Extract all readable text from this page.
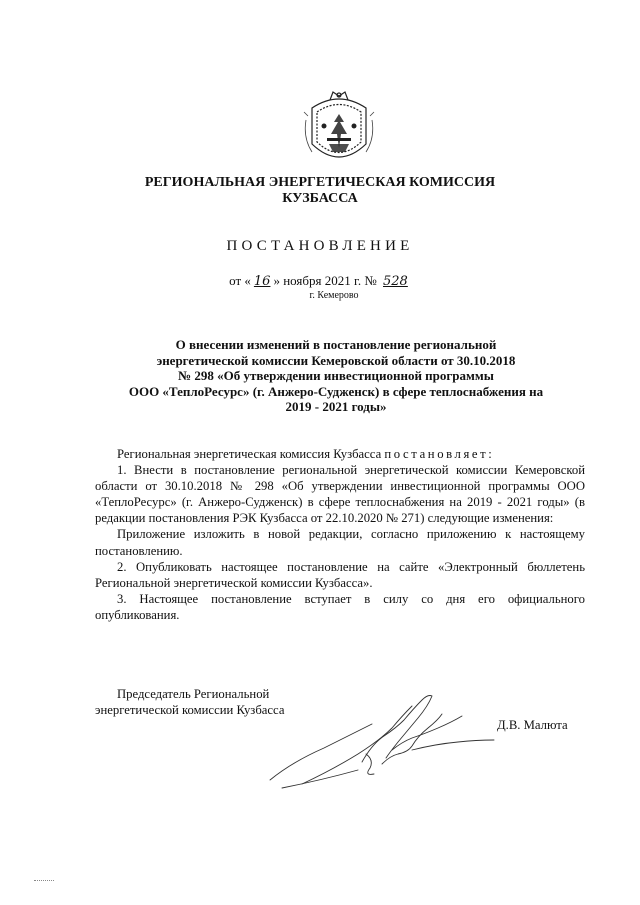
РЕГИОНАЛЬНАЯ ЭНЕРГЕТИЧЕСКАЯ КОМИССИЯ
КУЗБАССА
ПОСТАНОВЛЕНИЕ
от « 16 » ноября 2021 г. № 528
г. Кемерово
О внесении изменений в постановление региональной
энергетической комиссии Кемеровской области от 30.10.2018
№ 298 «Об утверждении инвестиционной программы
ООО «ТеплоРесурс» (г. Анжеро-Судженск) в сфере теплоснабжения на
2019 - 2021 годы»
Региональная энергетическая комиссия Кузбасса постановляет:
1. Внести в постановление региональной энергетической комиссии Кемеровской области от 30.10.2018 № 298 «Об утверждении инвестиционной программы ООО «ТеплоРесурс» (г. Анжеро-Судженск) в сфере теплоснабжения на 2019 - 2021 годы» (в редакции постановления РЭК Кузбасса от 22.10.2020 № 271) следующие изменения:
Приложение изложить в новой редакции, согласно приложению к настоящему постановлению.
2. Опубликовать настоящее постановление на сайте «Электронный бюллетень Региональной энергетической комиссии Кузбасса».
3. Настоящее постановление вступает в силу со дня его официального опубликования.
Председатель Региональной
энергетической комиссии Кузбасса
Д.В. Малюта
